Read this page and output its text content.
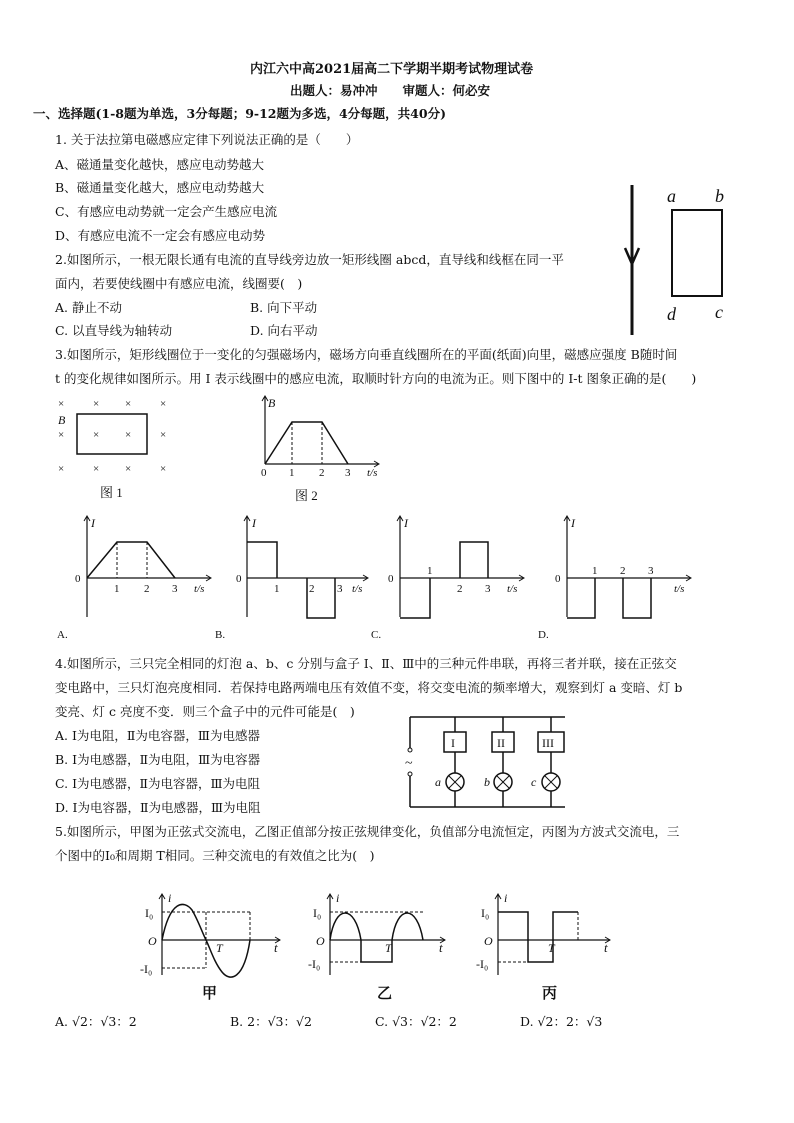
内江六中高2021届高二下学期半期考试物理试卷
出题人：易冲冲　　审题人：何必安
一、选择题(1-8题为单选，3分每题；9-12题为多选，4分每题，共40分)
1. 关于法拉第电磁感应定律下列说法正确的是（　　）
A、磁通量变化越快，感应电动势越大
B、磁通量变化越大，感应电动势越大
C、有感应电动势就一定会产生感应电流
D、有感应电流不一定会有感应电动势
2.如图所示，一根无限长通有电流的直导线旁边放一矩形线圈 abcd，直导线和线框在同一平
面内，若要使线圈中有感应电流，线圈要(　)
A. 静止不动	B. 向下平动
C. 以直导线为轴转动	D. 向右平动
a b
d c
3.如图所示，矩形线圈位于一变化的匀强磁场内，磁场方向垂直线圈所在的平面(纸面)向里，磁感应强度 B随时间
t 的变化规律如图所示。用 I 表示线圈中的感应电流，取顺时针方向的电流为正。则下图中的 I-t 图象正确的是(　　)
×	× ×	×
×	× ×	×
×	× ×	×
B
图 1
B
0 1 2 3 t/s
图 2
I
0
1 2 3 t/s
A.
I
0
1	2 3 t/s
B.
I
0
1
2 3 t/s
C.
I
0
1 2 3
t/s
D.
4.如图所示，三只完全相同的灯泡 a、b、c 分别与盒子 Ⅰ、Ⅱ、Ⅲ中的三种元件串联，再将三者并联，接在正弦交
变电路中，三只灯泡亮度相同．若保持电路两端电压有效值不变，将交变电流的频率增大，观察到灯 a 变暗、灯 b
变亮、灯 c 亮度不变．则三个盒子中的元件可能是(　)
A. Ⅰ为电阻，Ⅱ为电容器，Ⅲ为电感器
B. Ⅰ为电感器，Ⅱ为电阻，Ⅲ为电容器
C. Ⅰ为电感器，Ⅱ为电容器，Ⅲ为电阻
D. Ⅰ为电容器，Ⅱ为电感器，Ⅲ为电阻
~
I	II	III
a	b	c
5.如图所示，甲图为正弦式交流电，乙图正值部分按正弦规律变化，负值部分电流恒定，丙图为方波式交流电，三
个图中的I₀和周期 T相同。三种交流电的有效值之比为(　)
I₀
O
-I₀
i
t
T
甲
I₀
O
-I₀
i
t
T
乙
I₀
O
-I₀
i
t
T
丙
A. √2：√3：2	B. 2：√3：√2	C. √3：√2：2	D. √2：2：√3
